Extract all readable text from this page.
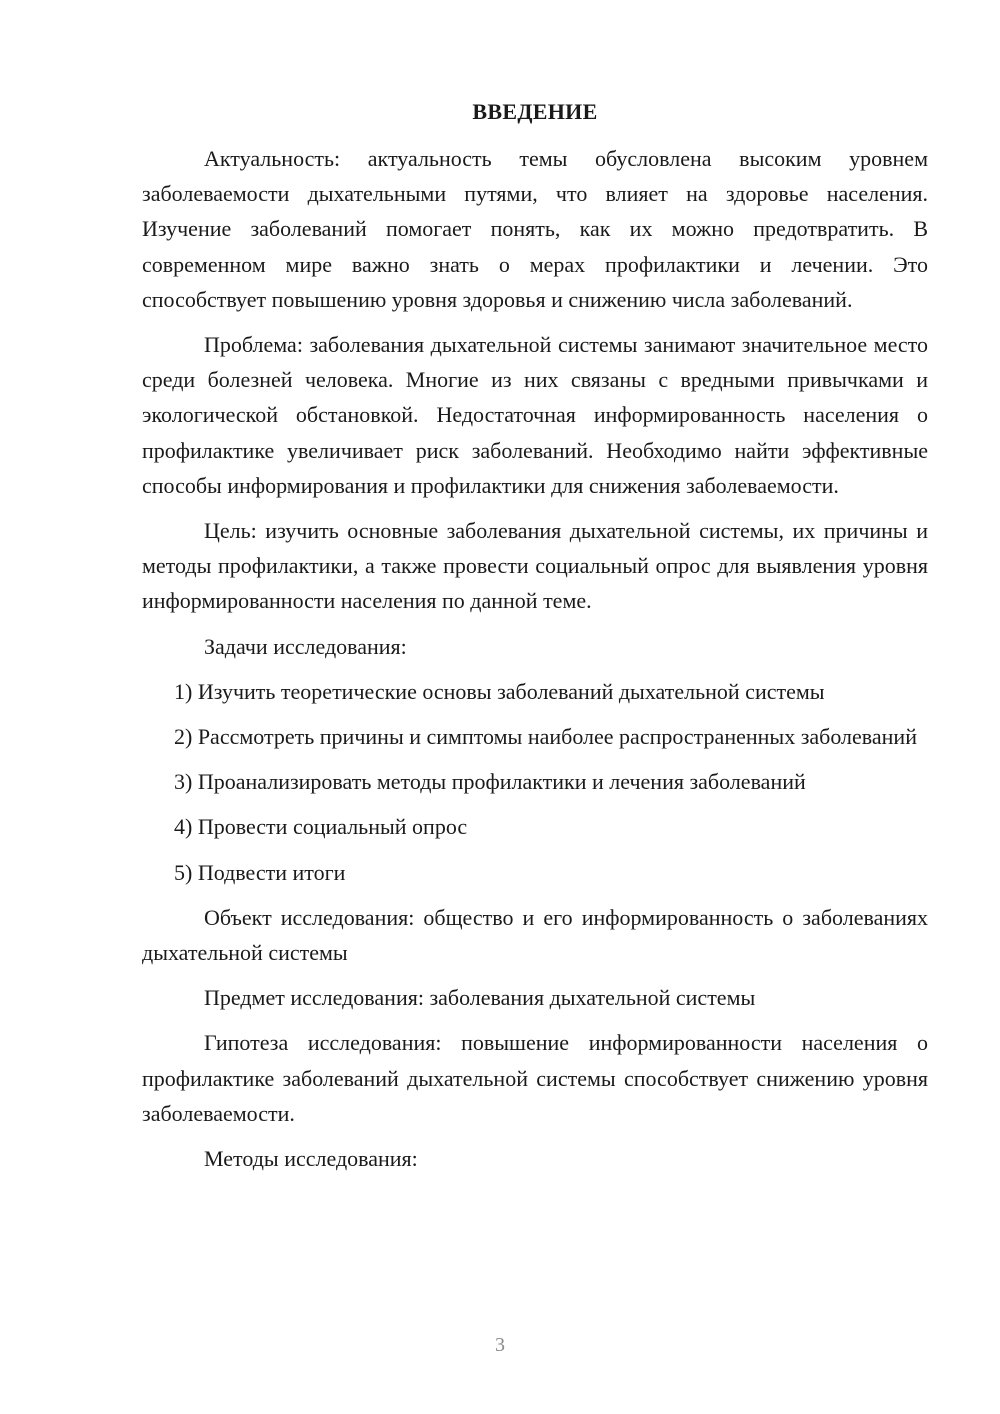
ВВЕДЕНИЕ

Актуальность: актуальность темы обусловлена высоким уровнем заболеваемости дыхательными путями, что влияет на здоровье населения. Изучение заболеваний помогает понять, как их можно предотвратить. В современном мире важно знать о мерах профилактики и лечении. Это способствует повышению уровня здоровья и снижению числа заболеваний.

Проблема: заболевания дыхательной системы занимают значительное место среди болезней человека. Многие из них связаны с вредными привычками и экологической обстановкой. Недостаточная информированность населения о профилактике увеличивает риск заболеваний. Необходимо найти эффективные способы информирования и профилактики для снижения заболеваемости.

Цель: изучить основные заболевания дыхательной системы, их причины и методы профилактики, а также провести социальный опрос для выявления уровня информированности населения по данной теме.

Задачи исследования:

1) Изучить теоретические основы заболеваний дыхательной системы

2) Рассмотреть причины и симптомы наиболее распространенных заболеваний

3) Проанализировать методы профилактики и лечения заболеваний

4) Провести социальный опрос

5) Подвести итоги

Объект исследования: общество и его информированность о заболеваниях дыхательной системы

Предмет исследования: заболевания дыхательной системы

Гипотеза исследования: повышение информированности населения о профилактике заболеваний дыхательной системы способствует снижению уровня заболеваемости.

Методы исследования:

3
